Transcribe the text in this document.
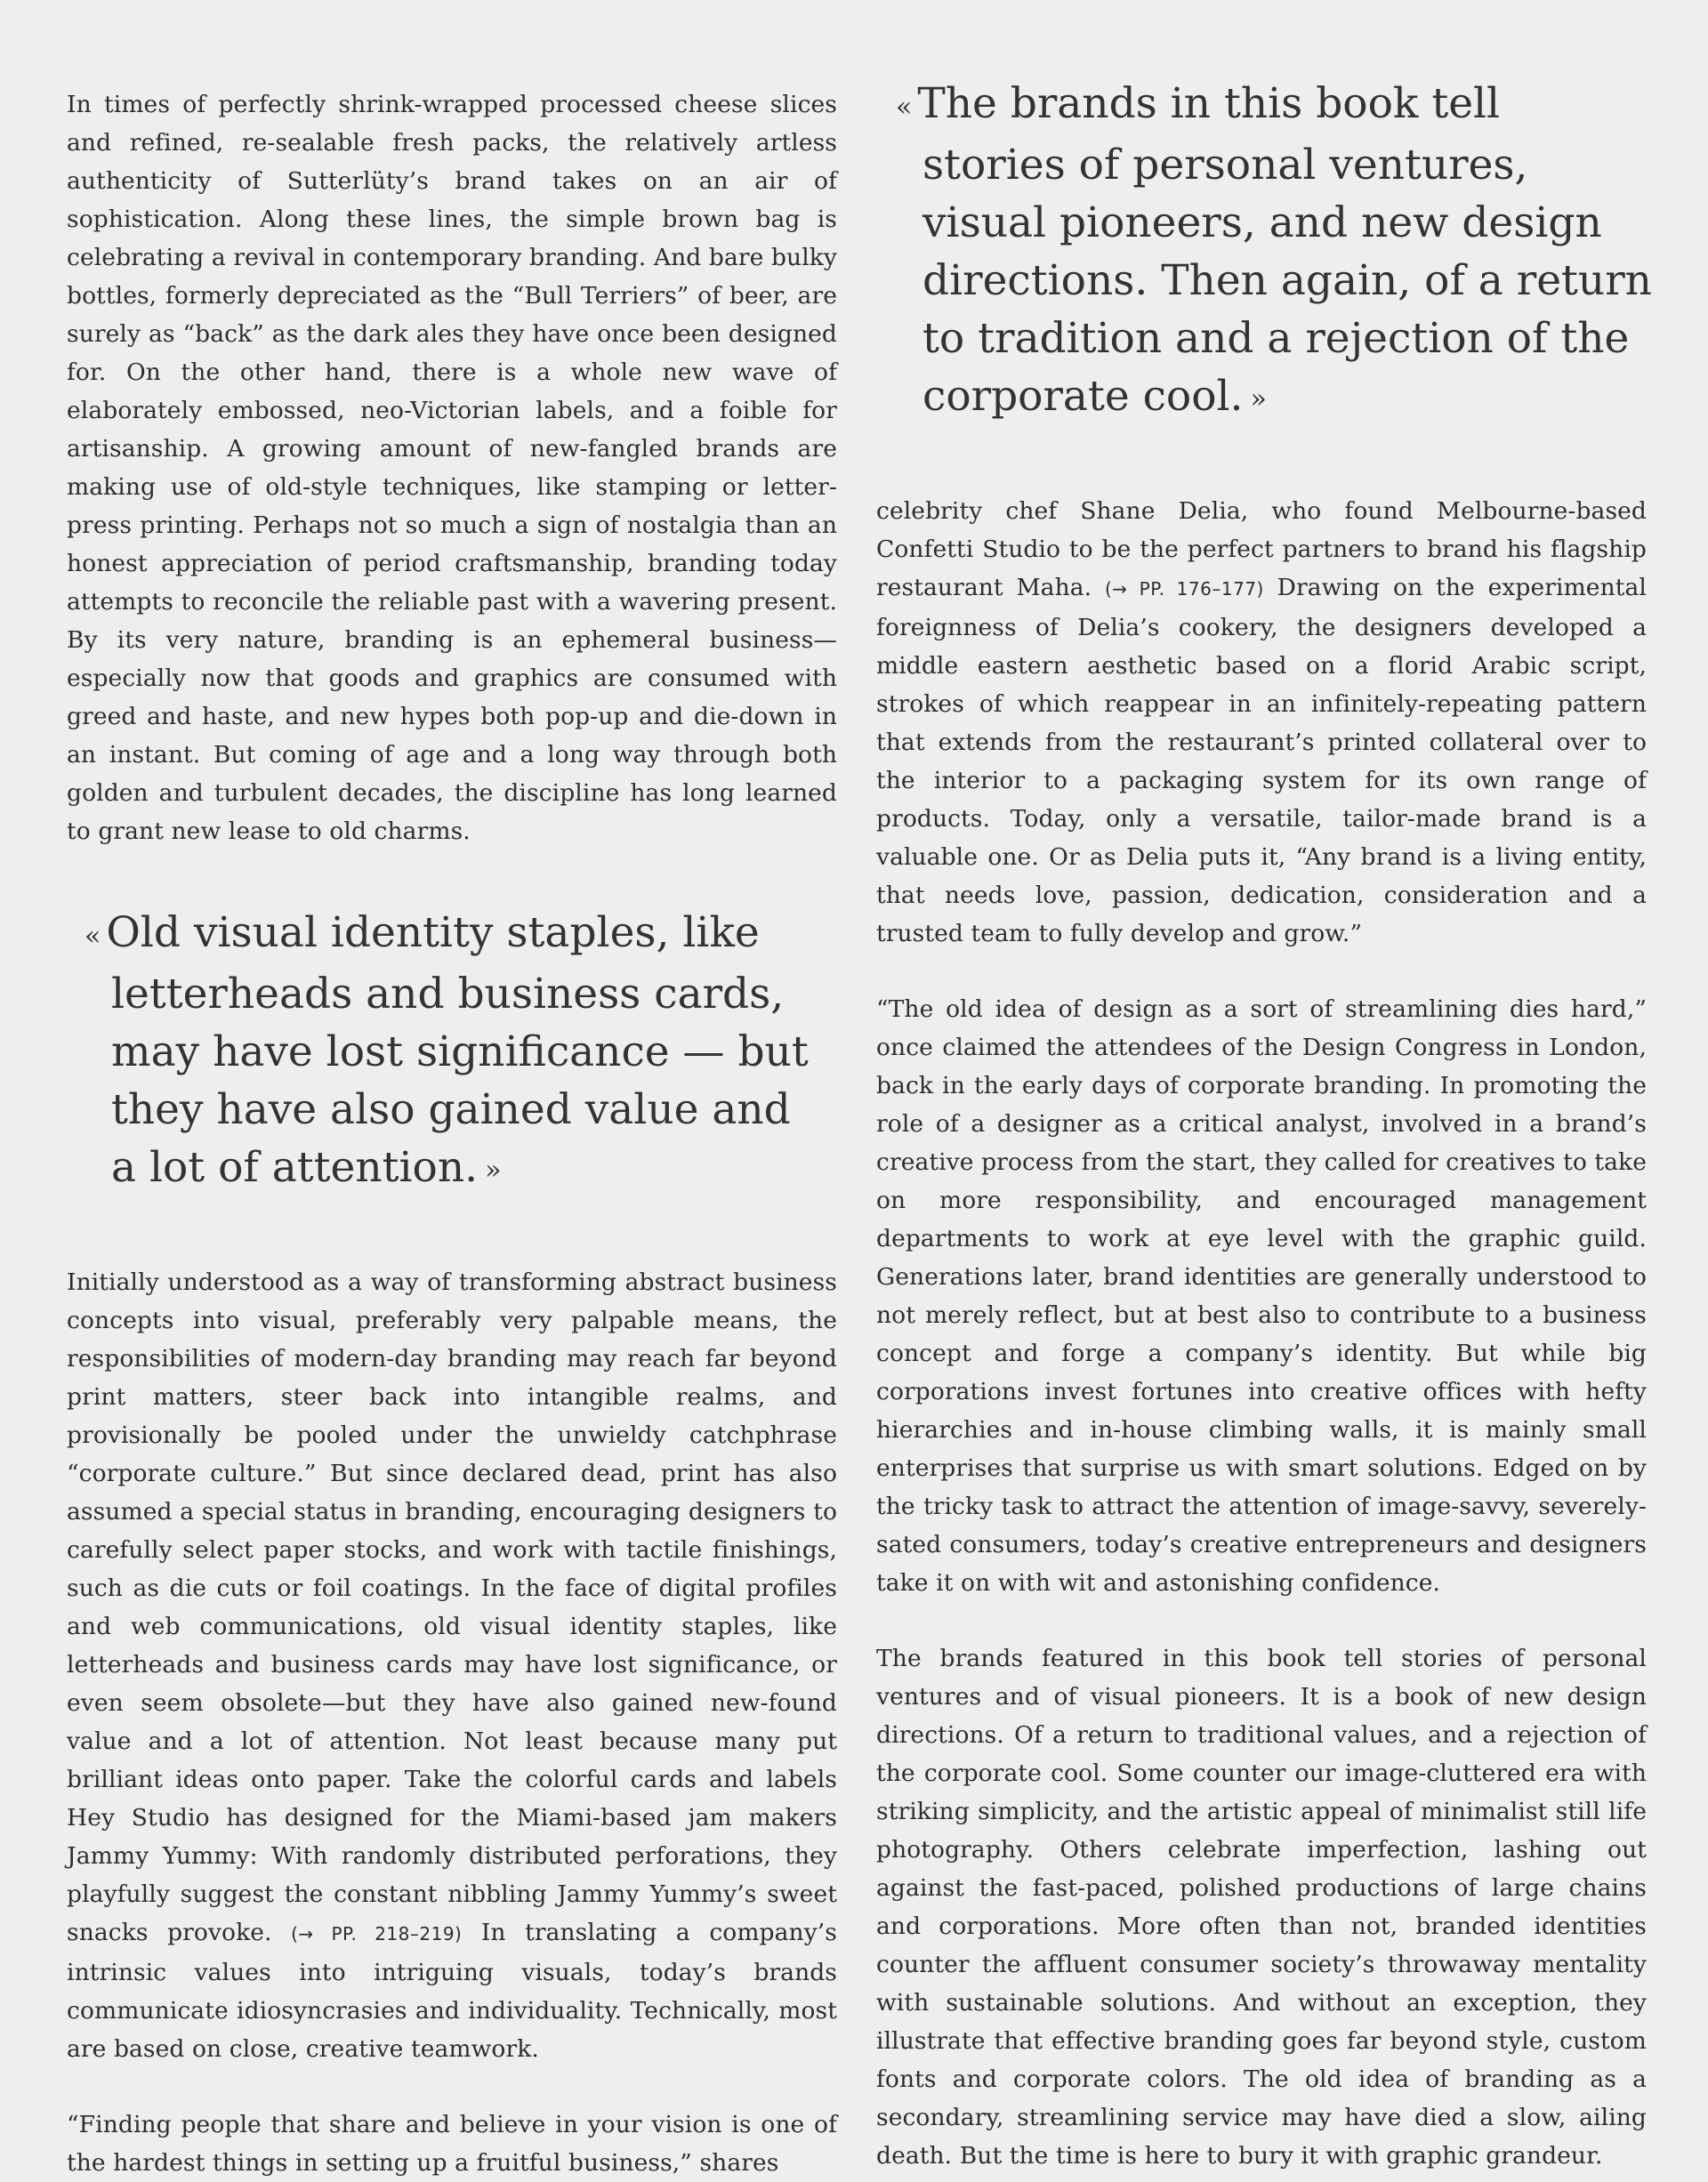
In times of perfectly shrink-wrapped processed cheese slices and refined, re-sealable fresh packs, the relatively artless authenticity of Sutterlüty’s brand takes on an air of sophistication. Along these lines, the simple brown bag is celebrating a revival in contemporary branding. And bare bulky bottles, formerly depreciated as the “Bull Terriers” of beer, are surely as “back” as the dark ales they have once been designed for. On the other hand, there is a whole new wave of elaborately embossed, neo-Victorian labels, and a foible for artisanship. A growing amount of new-fangled brands are making use of old-style techniques, like stamping or letter-press printing. Perhaps not so much a sign of nostalgia than an honest appreciation of period craftsmanship, branding today attempts to reconcile the reliable past with a wavering present. By its very nature, branding is an ephemeral business—especially now that goods and graphics are consumed with greed and haste, and new hypes both pop-up and die-down in an instant. But coming of age and a long way through both golden and turbulent decades, the discipline has long learned to grant new lease to old charms.

« Old visual identity staples, like letterheads and business cards, may have lost significance — but they have also gained value and a lot of attention. »

Initially understood as a way of transforming abstract business concepts into visual, preferably very palpable means, the responsibilities of modern-day branding may reach far beyond print matters, steer back into intangible realms, and provisionally be pooled under the unwieldy catchphrase “corporate culture.” But since declared dead, print has also assumed a special status in branding, encouraging designers to carefully select paper stocks, and work with tactile finishings, such as die cuts or foil coatings. In the face of digital profiles and web communications, old visual identity staples, like letterheads and business cards may have lost significance, or even seem obsolete—but they have also gained new-found value and a lot of attention. Not least because many put brilliant ideas onto paper. Take the colorful cards and labels Hey Studio has designed for the Miami-based jam makers Jammy Yummy: With randomly distributed perforations, they playfully suggest the constant nibbling Jammy Yummy’s sweet snacks provoke. (→ PP. 218–219) In translating a company’s intrinsic values into intriguing visuals, today’s brands communicate idiosyncrasies and individuality. Technically, most are based on close, creative teamwork.

“Finding people that share and believe in your vision is one of the hardest things in setting up a fruitful business,” shares

« The brands in this book tell stories of personal ventures, visual pioneers, and new design directions. Then again, of a return to tradition and a rejection of the corporate cool. »

celebrity chef Shane Delia, who found Melbourne-based Confetti Studio to be the perfect partners to brand his flagship restaurant Maha. (→ PP. 176–177) Drawing on the experimental foreignness of Delia’s cookery, the designers developed a middle eastern aesthetic based on a florid Arabic script, strokes of which reappear in an infinitely-repeating pattern that extends from the restaurant’s printed collateral over to the interior to a packaging system for its own range of products. Today, only a versatile, tailor-made brand is a valuable one. Or as Delia puts it, “Any brand is a living entity, that needs love, passion, dedication, consideration and a trusted team to fully develop and grow.”

“The old idea of design as a sort of streamlining dies hard,” once claimed the attendees of the Design Congress in London, back in the early days of corporate branding. In promoting the role of a designer as a critical analyst, involved in a brand’s creative process from the start, they called for creatives to take on more responsibility, and encouraged management departments to work at eye level with the graphic guild. Generations later, brand identities are generally understood to not merely reflect, but at best also to contribute to a business concept and forge a company’s identity. But while big corporations invest fortunes into creative offices with hefty hierarchies and in-house climbing walls, it is mainly small enterprises that surprise us with smart solutions. Edged on by the tricky task to attract the attention of image-savvy, severely-sated consumers, today’s creative entrepreneurs and designers take it on with wit and astonishing confidence.

The brands featured in this book tell stories of personal ventures and of visual pioneers. It is a book of new design directions. Of a return to traditional values, and a rejection of the corporate cool. Some counter our image-cluttered era with striking simplicity, and the artistic appeal of minimalist still life photography. Others celebrate imperfection, lashing out against the fast-paced, polished productions of large chains and corporations. More often than not, branded identities counter the affluent consumer society’s throwaway mentality with sustainable solutions. And without an exception, they illustrate that effective branding goes far beyond style, custom fonts and corporate colors. The old idea of branding as a secondary, streamlining service may have died a slow, ailing death. But the time is here to bury it with graphic grandeur.
